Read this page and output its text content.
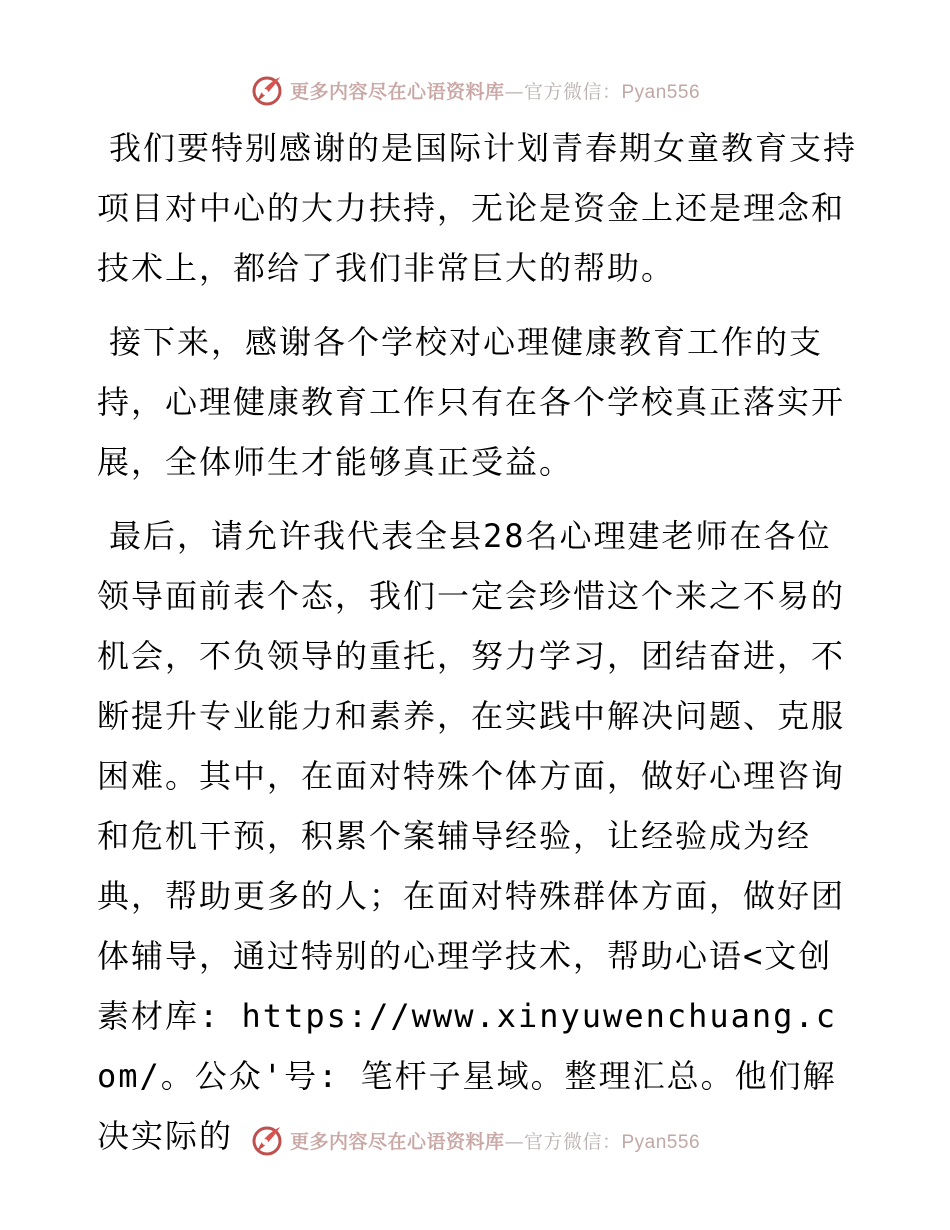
更多内容尽在心语资料库—官方微信：Pyan556

我们要特别感谢的是国际计划青春期女童教育支持项目对中心的大力扶持，无论是资金上还是理念和技术上，都给了我们非常巨大的帮助。

接下来，感谢各个学校对心理健康教育工作的支持，心理健康教育工作只有在各个学校真正落实开展，全体师生才能够真正受益。

最后，请允许我代表全县28名心理建老师在各位领导面前表个态，我们一定会珍惜这个来之不易的机会，不负领导的重托，努力学习，团结奋进，不断提升专业能力和素养，在实践中解决问题、克服困难。其中，在面对特殊个体方面，做好心理咨询和危机干预，积累个案辅导经验，让经验成为经典，帮助更多的人；在面对特殊群体方面，做好团体辅导，通过特别的心理学技术，帮助心语<文创素材库: https://www.xinyuwenchuang.com/。公众'号: 笔杆子星域。整理汇总。他们解决实际的	更多内容尽在心语资料库—官方微信：Pyan556
